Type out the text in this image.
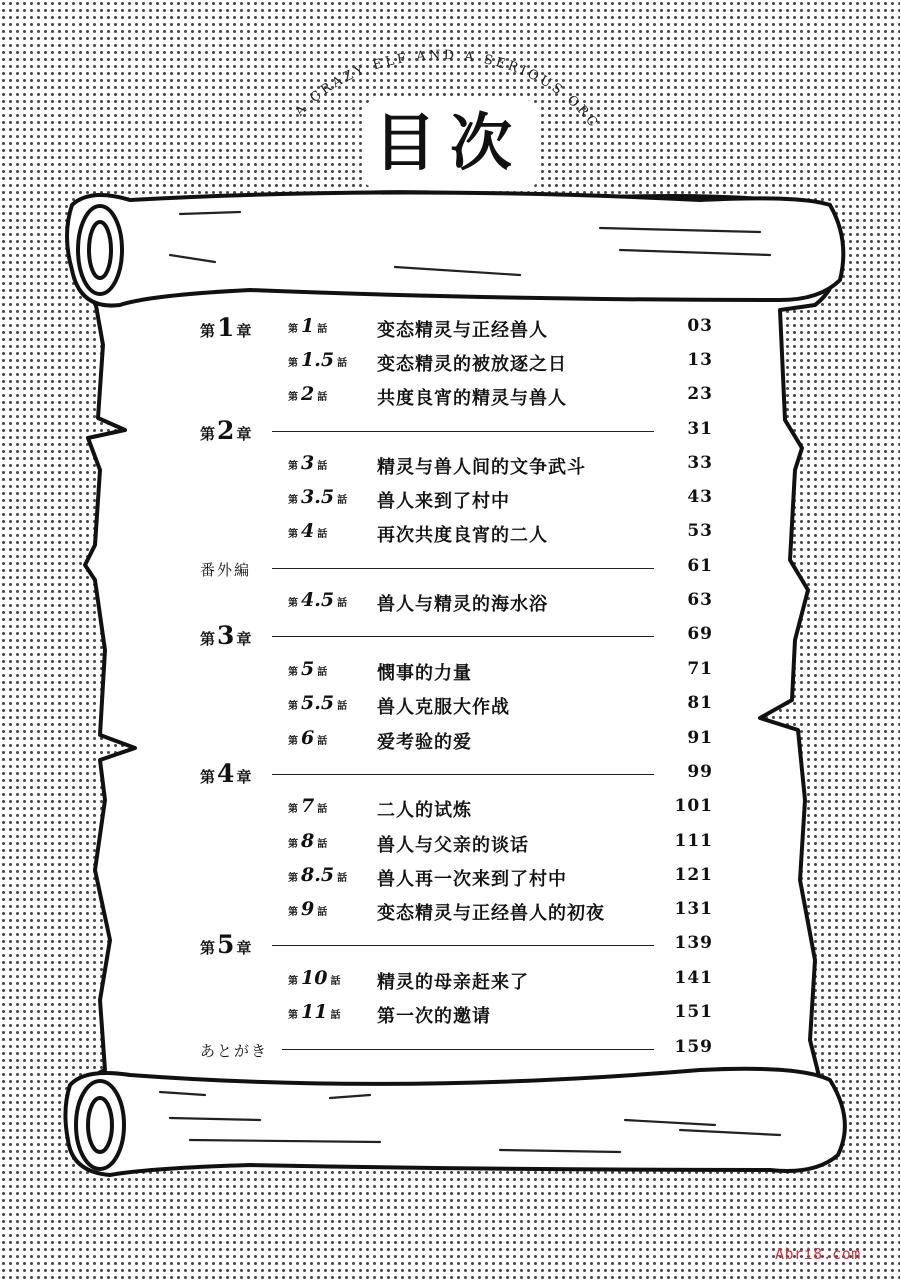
A CRAZY ELF AND A SERIOUS ORC
目次
第1 章	第 1 話	变态精灵与正经兽人	03
第 1.5 話 变态精灵的被放逐之日	13
第 2 話	共度良宵的精灵与兽人	23
第2 章	31
第 3 話	精灵与兽人间的文争武斗	33
第 3.5 話 兽人来到了村中	43
第 4 話	再次共度良宵的二人	53
番外編	61
第 4.5 話 兽人与精灵的海水浴	63
第3 章	69
第 5 話	憫事的力量	71
第 5.5 話 兽人克服大作战	81
第 6 話	爱考验的爱	91
第4 章	99
第 7 話	二人的试炼	101
第 8 話	兽人与父亲的谈话	111
第 8.5 話 兽人再一次来到了村中	121
第 9 話	变态精灵与正经兽人的初夜	131
第5 章	139
第 10 話 精灵的母亲赶来了	141
第 11 話 第一次的邀请	151
あとがき	159
Abri8.com
